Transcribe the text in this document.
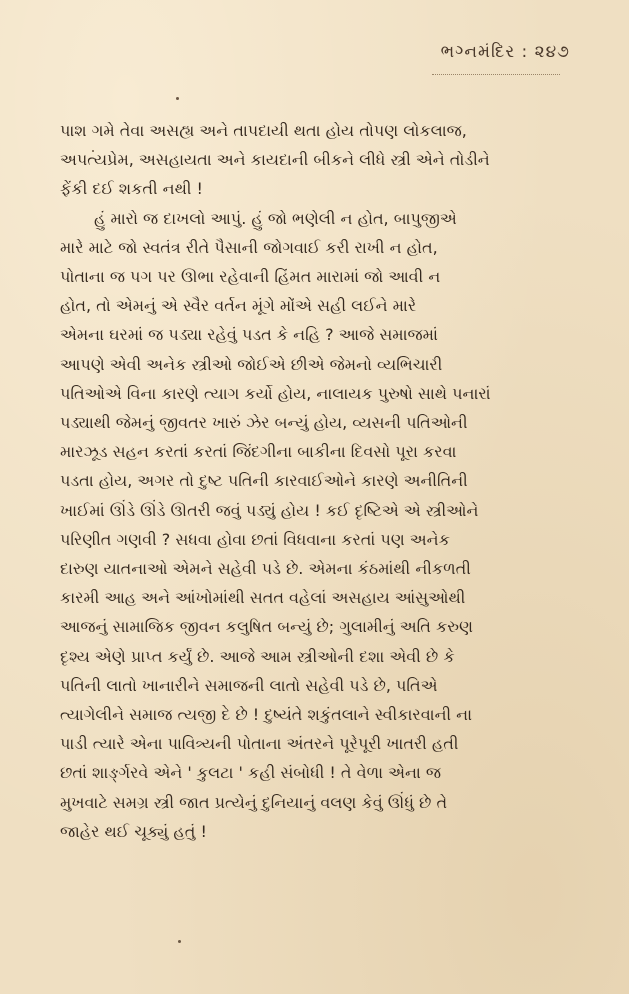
ભગ્નમંદિર : ૨૪૭
પાશ ગમે તેવા અસહ્ય અને તાપદાયી થતા હોય તોપણ લોકલાજ,
અપત્યપ્રેમ, અસહાયતા અને કાયદાની બીકને લીધે સ્ત્રી એને તોડીને
ફેંકી દઈ શકતી નથી !
હું મારો જ દાખલો આપું. હું જો ભણેલી ન હોત, બાપુજીએ
મારે માટે જો સ્વતંત્ર રીતે પૈસાની જોગવાઈ કરી રાખી ન હોત,
પોતાના જ પગ પર ઊભા રહેવાની હિંમત મારામાં જો આવી ન
હોત, તો એમનું એ સ્વૈર વર્તન મૂંગે મોંએ સહી લઈને મારે
એમના ઘરમાં જ પડ્યા રહેવું પડત કે નહિ ? આજે સમાજમાં
આપણે એવી અનેક સ્ત્રીઓ જોઈએ છીએ જેમનો વ્યભિચારી
પતિઓએ વિના કારણે ત્યાગ કર્યો હોય, નાલાયક પુરુષો સાથે પનારાં
પડ્યાથી જેમનું જીવતર ખારું ઝેર બન્યું હોય, વ્યસની પતિઓની
મારઝૂડ સહન કરતાં કરતાં જિંદગીના બાકીના દિવસો પૂરા કરવા
પડતા હોય, અગર તો દુષ્ટ પતિની કારવાઈઓને કારણે અનીતિની
ખાઈમાં ઊંડે ઊંડે ઊતરી જવું પડ્યું હોય ! કઈ દૃષ્ટિએ એ સ્ત્રીઓને
પરિણીત ગણવી ? સધવા હોવા છતાં વિધવાના કરતાં પણ અનેક
દારુણ યાતનાઓ એમને સહેવી પડે છે. એમના કંઠમાંથી નીકળતી
કારમી આહ અને આંખોમાંથી સતત વહેલાં અસહાય આંસુઓથી
આજનું સામાજિક જીવન કલુષિત બન્યું છે; ગુલામીનું અતિ કરુણ
દૃશ્ય એણે પ્રાપ્ત કર્યું છે. આજે આમ સ્ત્રીઓની દશા એવી છે કે
પતિની લાતો ખાનારીને સમાજની લાતો સહેવી પડે છે, પતિએ
ત્યાગેલીને સમાજ ત્યજી દે છે ! દુષ્યંતે શકુંતલાને સ્વીકારવાની ના
પાડી ત્યારે એના પાવિત્ર્યની પોતાના અંતરને પૂરેપૂરી ખાતરી હતી
છતાં શાર્ઙ્ગરવે એને ' કુલટા ' કહી સંબોધી ! તે વેળા એના જ
મુખવાટે સમગ્ર સ્ત્રી જાત પ્રત્યેનું દુનિયાનું વલણ કેવું ઊંધું છે તે
જાહેર થઈ ચૂક્યું હતું !
